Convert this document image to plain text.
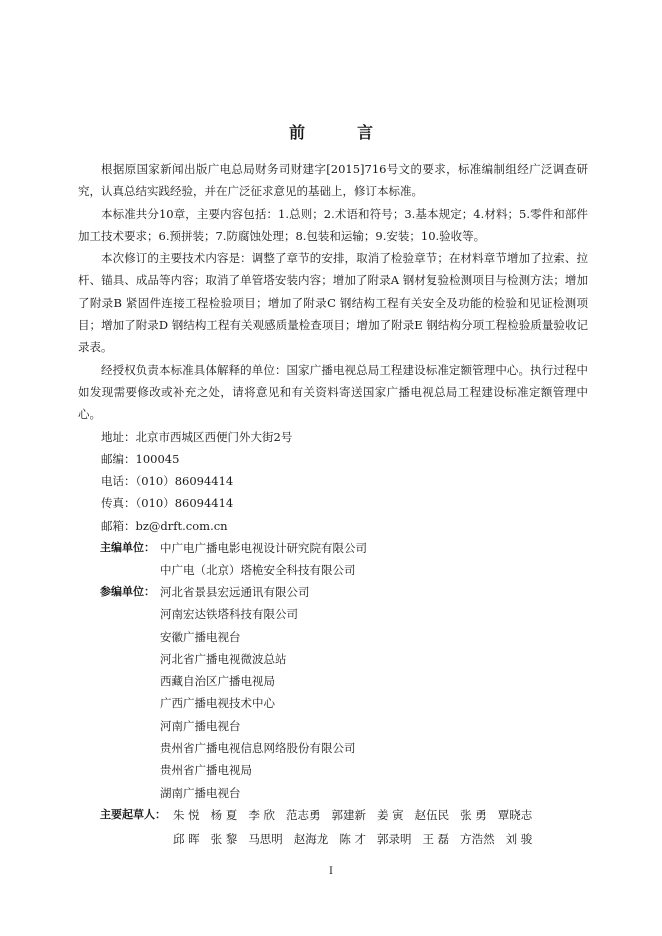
前　言

根据原国家新闻出版广电总局财务司财建字[2015]716号文的要求，标准编制组经广泛调查研究，认真总结实践经验，并在广泛征求意见的基础上，修订本标准。

本标准共分10章，主要内容包括：1.总则；2.术语和符号；3.基本规定；4.材料；5.零件和部件加工技术要求；6.预拼装；7.防腐蚀处理；8.包装和运输；9.安装；10.验收等。

本次修订的主要技术内容是：调整了章节的安排，取消了检验章节；在材料章节增加了拉索、拉杆、锚具、成品等内容；取消了单管塔安装内容；增加了附录A 钢材复验检测项目与检测方法；增加了附录B 紧固件连接工程检验项目；增加了附录C 钢结构工程有关安全及功能的检验和见证检测项目；增加了附录D 钢结构工程有关观感质量检查项目；增加了附录E 钢结构分项工程检验质量验收记录表。

经授权负责本标准具体解释的单位：国家广播电视总局工程建设标准定额管理中心。执行过程中如发现需要修改或补充之处，请将意见和有关资料寄送国家广播电视总局工程建设标准定额管理中心。

地址：北京市西城区西便门外大街2号

邮编：100045

电话：（010）86094414

传真：（010）86094414

邮箱：bz@drft.com.cn

主编单位： 中广电广播电影电视设计研究院有限公司

中广电（北京）塔桅安全科技有限公司

参编单位： 河北省景县宏远通讯有限公司

河南宏达铁塔科技有限公司

安徽广播电视台

河北省广播电视微波总站

西藏自治区广播电视局

广西广播电视技术中心

河南广播电视台

贵州省广播电视信息网络股份有限公司

贵州省广播电视局

湖南广播电视台

主要起草人： 朱 悦 杨 夏 李 欣 范志勇 郭建新 姜 寅 赵伍民 张 勇 覃晓志
邱 晖 张 黎 马思明 赵海龙 陈 才 郭录明 王 磊 方浩然 刘 骏
I
